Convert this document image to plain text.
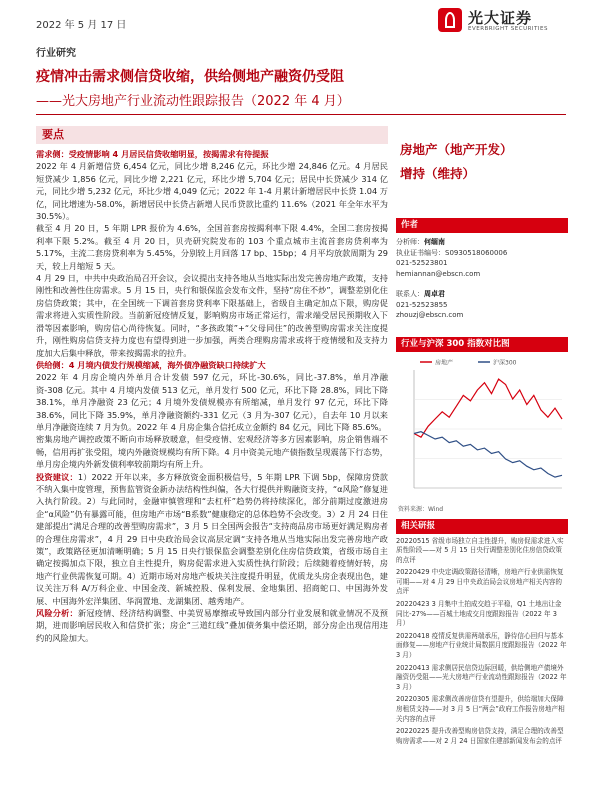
2022 年 5 月 17 日
行业研究
光大证券
EVERBRIGHT SECURITIES
疫情冲击需求侧信贷收缩，供给侧地产融资仍受阻
——光大房地产行业流动性跟踪报告（2022 年 4 月）
要点

需求侧：受疫情影响 4 月居民信贷收缩明显，按揭需求有待提振
2022 年 4 月新增信贷 6,454 亿元，同比少增 8,246 亿元，环比少增 24,846 亿元。4 月居民短贷减少 1,856 亿元，同比少增 2,221 亿元，环比少增 5,704 亿元；居民中长贷减少 314 亿元，同比少增 5,232 亿元，环比少增 4,049 亿元；2022 年 1-4 月累计新增居民中长贷 1.04 万亿，同比增速为-58.0%，新增居民中长贷占新增人民币贷款比重约 11.6%（2021 年全年水平为 30.5%）。
截至 4 月 20 日，5 年期 LPR 报价为 4.6%，全国首套房按揭利率下限 4.4%，全国二套房按揭利率下限 5.2%。截至 4 月 20 日，贝壳研究院发布的 103 个重点城市主流首套房贷利率为 5.17%，主流二套房贷利率为 5.45%，分别较上月回落 17 bp、15bp；4 月平均放款周期为 29 天，较上月缩短 5 天。
4 月 29 日，中共中央政治局召开会议，会议提出支持各地从当地实际出发完善房地产政策，支持刚性和改善性住房需求。5 月 15 日，央行和银保监会发布文件，坚持“房住不炒”，调整差别化住房信贷政策；其中，在全国统一下调首套房贷利率下限基础上，省级自主确定加点下限，购房促需求将进入实质性阶段。当前新冠疫情反复，影响购房市场正常运行，需求端受居民预期收入下滑等因素影响，购房信心尚待恢复。同时，“多孩政策”+“父母同住”的改善型购房需求关注度提升，刚性购房信贷支持力度也有望得到进一步加强，两类合理购房需求或将于疫情缓和及支持力度加大后集中释放，带来按揭需求的拉升。

供给侧：4 月境内债发行规模缩减，海外债净融资缺口持续扩大
2022 年 4 月房企境内外单月合计发债 597 亿元，环比-30.6%，同比-37.8%，单月净融资-308 亿元。其中 4 月境内发债 513 亿元，单月发行 500 亿元，环比下降 28.8%，同比下降 38.1%，单月净融资 23 亿元；4 月境外发债规模亦有所缩减，单月发行 97 亿元，环比下降 38.6%，同比下降 35.9%，单月净融资额约-331 亿元（3 月为-307 亿元），自去年 10 月以来单月净融资连续 7 月为负。2022 年 4 月房企集合信托成立金额约 84 亿元，同比下降 85.6%。
密集房地产调控政策不断向市场释放暖意，但受疫情、宏观经济等多方因素影响，房企销售端不畅，信用再扩张受阻，境内外融资规模均有所下降。4 月中资美元地产债指数呈现震荡下行态势，单月房企境内外新发债利率较前期均有所上升。

投资建议：1）2022 开年以来，多方释放资金面积极信号，5 年期 LPR 下调 5bp，保障房贷款不纳入集中度管理，预售监管资金新办法结构性纠偏，各大行提供并购融资支持，“α风险”修复进入执行阶段。2）与此同时，金融审慎管理和“去杠杆”趋势仍将持续深化，部分前期过度激进房企“α风险”仍有暴露可能，但房地产市场“B系数”健康稳定的总体趋势不会改变。3）2 月 24 日住建部提出“满足合理的改善型购房需求”，3 月 5 日全国两会报告“支持商品房市场更好满足购房者的合理住房需求”，4 月 29 日中央政治局会议高层定调“支持各地从当地实际出发完善房地产政策”，政策路径更加清晰明确；5 月 15 日央行银保监会调整差别化住房信贷政策，省级市场自主确定按揭加点下限，独立自主性提升，购房促需求进入实质性执行阶段；后续随着疫情好转，房地产行业供需恢复可期。4）近期市场对房地产板块关注度提升明显，优质龙头房企表现出色，建议关注万科 A/万科企业、中国金茂、新城控股、保利发展、金地集团、招商蛇口、中国海外发展、中国海外宏洋集团、华润置地、龙湖集团、越秀地产。

风险分析：新冠疫情、经济结构调整、中美贸易摩擦或导致国内部分行业发展和就业情况不及预期，进而影响居民收入和信贷扩张；房企“三道红线”叠加债务集中偿还期，部分房企出现信用违约的风险加大。

房地产（地产开发）
增持（维持）
作者
分析师：何缅南
执业证书编号：S0930518060006
021-52523801
hemiannan@ebscn.com
联系人：周卓君
021-52523855
zhouzj@ebscn.com
行业与沪深 300 指数对比图
房地产	沪深300
资料来源：Wind
相关研报
20220515 省级市场独立自主性提升，购房促需求进入实质性阶段——对 5 月 15 日央行调整差别化住房信贷政策的点评
20220429 中央定调政策路径清晰，房地产行业供需恢复可期——对 4 月 29 日中央政治局会议房地产相关内容的点评
20220423 3 月集中土拍成交趋于平稳，Q1 土地出让金同比-27%——百城土地成交月度跟踪报告（2022 年 3 月）
20220418 疫情反复供需两端承压，静待信心回归与基本面修复——房地产行业统计局数据月度跟踪报告（2022 年 3 月）
20220413 需求侧居民信贷边际回暖，供给侧地产债境外融资仍受阻——光大房地产行业流动性跟踪报告（2022 年 3 月）
20220305 需求侧改善房信贷有望提升，供给端加大保障房租赁支持——对 3 月 5 日“两会”政府工作报告房地产相关内容的点评
20220225 提升改善型购房信贷支持，满足合理的改善型购房需求——对 2 月 24 日国家住建部新闻发布会的点评
